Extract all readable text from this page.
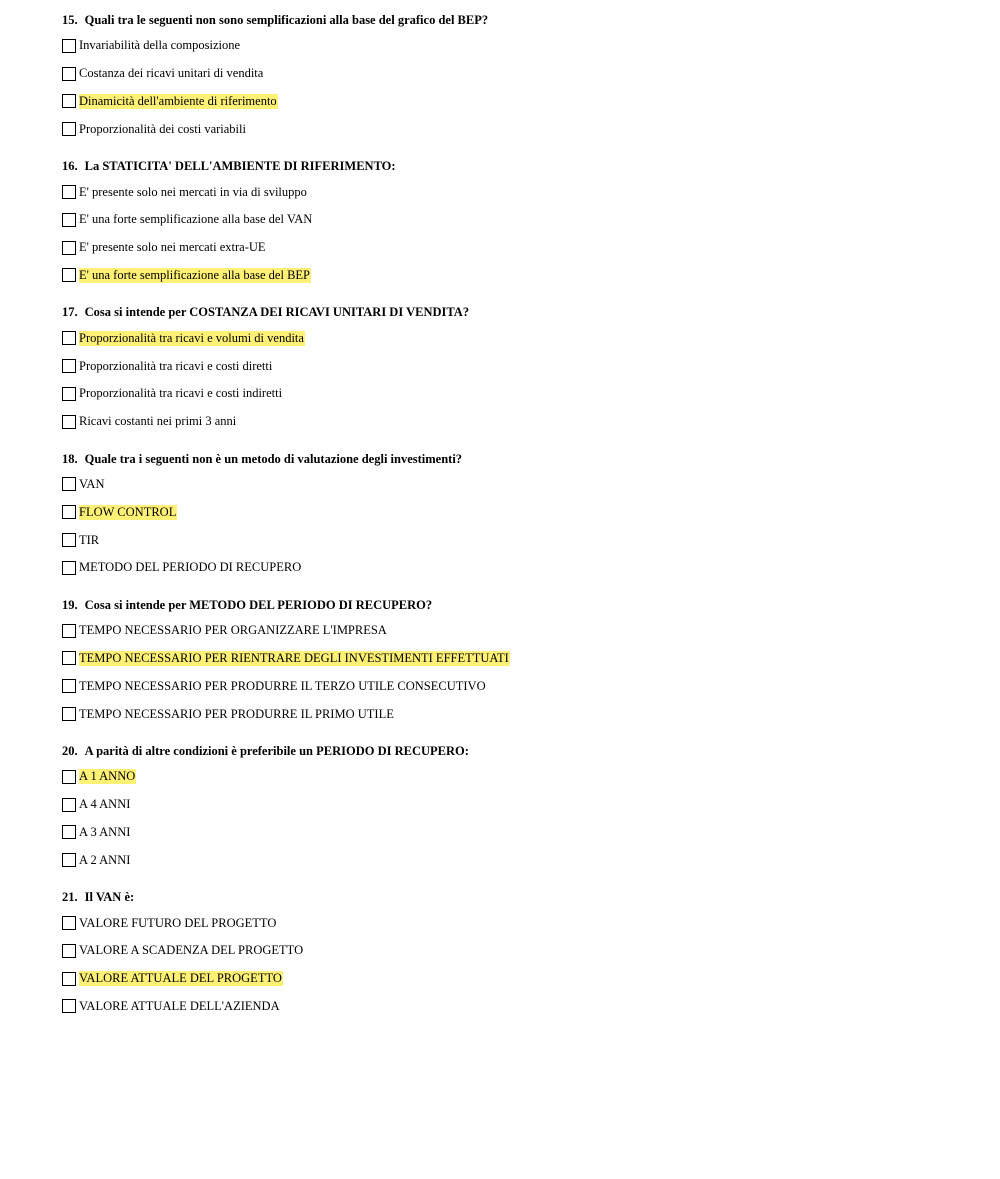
15. Quali tra le seguenti non sono semplificazioni alla base del grafico del BEP?
Invariabilità della composizione
Costanza dei ricavi unitari di vendita
Dinamicità dell'ambiente di riferimento
Proporzionalità dei costi variabili
16. La STATICITA' DELL'AMBIENTE DI RIFERIMENTO:
E' presente solo nei mercati in via di sviluppo
E' una forte semplificazione alla base del VAN
E' presente solo nei mercati extra-UE
E' una forte semplificazione alla base del BEP
17. Cosa si intende per COSTANZA DEI RICAVI UNITARI DI VENDITA?
Proporzionalità tra ricavi e volumi di vendita
Proporzionalità tra ricavi e costi diretti
Proporzionalità tra ricavi e costi indiretti
Ricavi costanti nei primi 3 anni
18. Quale tra i seguenti non è un metodo di valutazione degli investimenti?
VAN
FLOW CONTROL
TIR
METODO DEL PERIODO DI RECUPERO
19. Cosa si intende per METODO DEL PERIODO DI RECUPERO?
TEMPO NECESSARIO PER ORGANIZZARE L'IMPRESA
TEMPO NECESSARIO PER RIENTRARE DEGLI INVESTIMENTI EFFETTUATI
TEMPO NECESSARIO PER PRODURRE IL TERZO UTILE CONSECUTIVO
TEMPO NECESSARIO PER PRODURRE IL PRIMO UTILE
20. A parità di altre condizioni è preferibile un PERIODO DI RECUPERO:
A 1 ANNO
A 4 ANNI
A 3 ANNI
A 2 ANNI
21. Il VAN è:
VALORE FUTURO DEL PROGETTO
VALORE A SCADENZA DEL PROGETTO
VALORE ATTUALE DEL PROGETTO
VALORE ATTUALE DELL'AZIENDA
